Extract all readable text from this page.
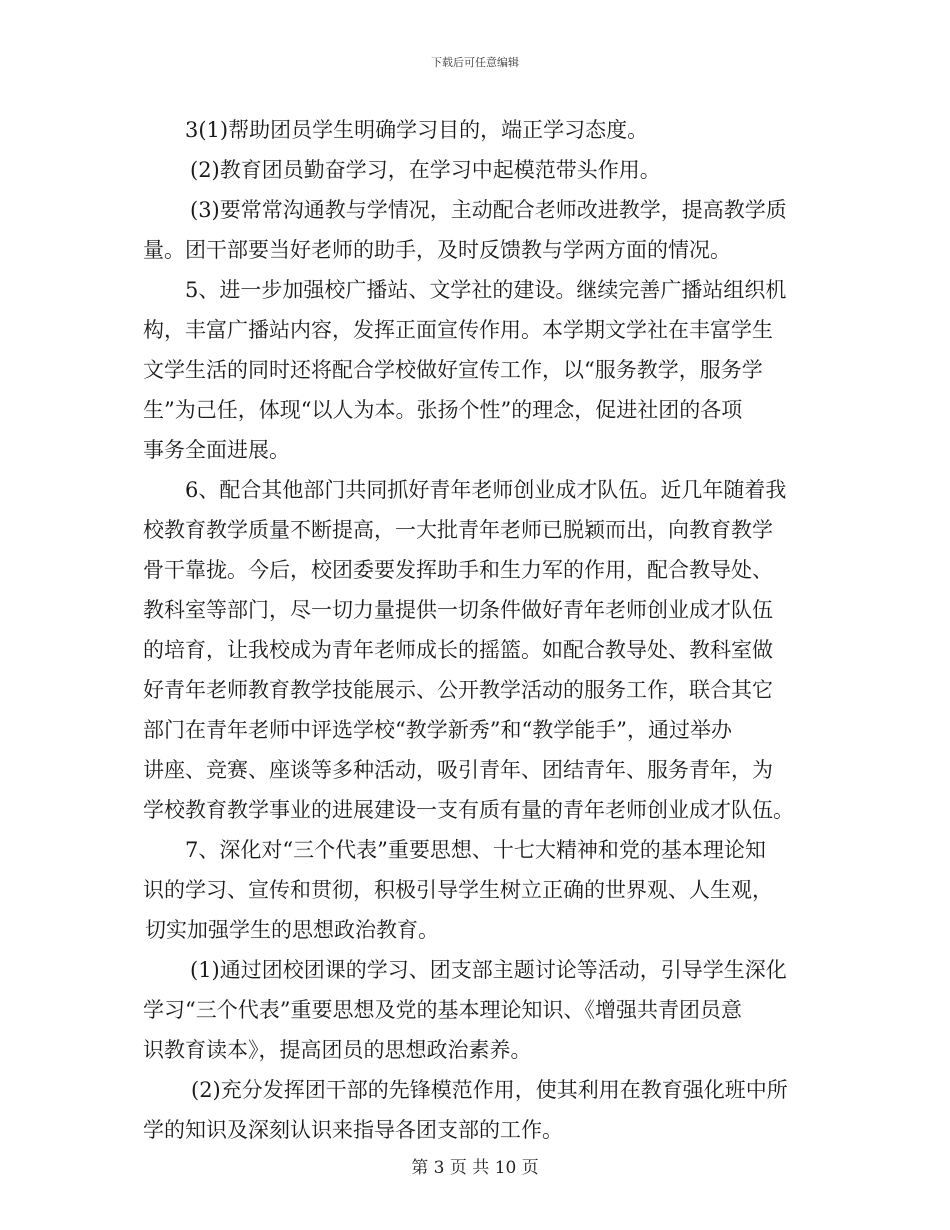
下载后可任意编辑
3(1)帮助团员学生明确学习目的，端正学习态度。
(2)教育团员勤奋学习，在学习中起模范带头作用。
(3)要常常沟通教与学情况，主动配合老师改进教学，提高教学质
量。团干部要当好老师的助手，及时反馈教与学两方面的情况。
5、进一步加强校广播站、文学社的建设。继续完善广播站组织机
构，丰富广播站内容，发挥正面宣传作用。本学期文学社在丰富学生
文学生活的同时还将配合学校做好宣传工作，以“服务教学，服务学
生”为己任，体现“以人为本。张扬个性”的理念，促进社团的各项
事务全面进展。
6、配合其他部门共同抓好青年老师创业成才队伍。近几年随着我
校教育教学质量不断提高，一大批青年老师已脱颖而出，向教育教学
骨干靠拢。今后，校团委要发挥助手和生力军的作用，配合教导处、
教科室等部门，尽一切力量提供一切条件做好青年老师创业成才队伍
的培育，让我校成为青年老师成长的摇篮。如配合教导处、教科室做
好青年老师教育教学技能展示、公开教学活动的服务工作，联合其它
部门在青年老师中评选学校“教学新秀”和“教学能手”，通过举办
讲座、竞赛、座谈等多种活动，吸引青年、团结青年、服务青年，为
学校教育教学事业的进展建设一支有质有量的青年老师创业成才队伍。
7、深化对“三个代表”重要思想、十七大精神和党的基本理论知
识的学习、宣传和贯彻，积极引导学生树立正确的世界观、人生观，
切实加强学生的思想政治教育。
(1)通过团校团课的学习、团支部主题讨论等活动，引导学生深化
学习“三个代表”重要思想及党的基本理论知识、《增强共青团员意
识教育读本》，提高团员的思想政治素养。
(2)充分发挥团干部的先锋模范作用，使其利用在教育强化班中所
学的知识及深刻认识来指导各团支部的工作。
第 3 页 共 10 页
